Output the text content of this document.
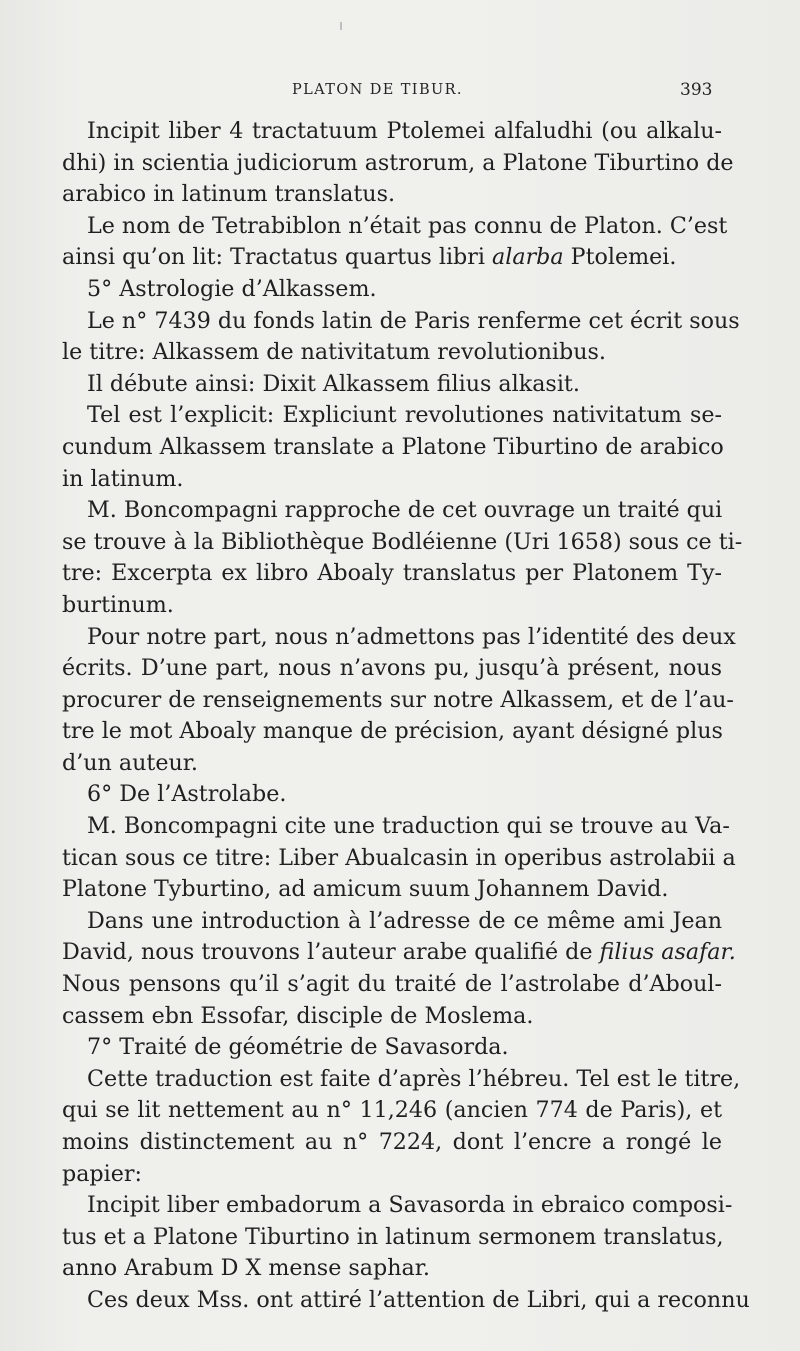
PLATON DE TIBUR.	393
Incipit liber 4 tractatuum Ptolemei alfaludhi (ou alkalu-
dhi) in scientia judiciorum astrorum, a Platone Tiburtino de
arabico in latinum translatus.
Le nom de Tetrabiblon n’était pas connu de Platon. C’est
ainsi qu’on lit: Tractatus quartus libri alarba Ptolemei.
5° Astrologie d’Alkassem.
Le n° 7439 du fonds latin de Paris renferme cet écrit sous
le titre: Alkassem de nativitatum revolutionibus.
Il débute ainsi: Dixit Alkassem filius alkasit.
Tel est l’explicit: Expliciunt revolutiones nativitatum se-
cundum Alkassem translate a Platone Tiburtino de arabico
in latinum.
M. Boncompagni rapproche de cet ouvrage un traité qui
se trouve à la Bibliothèque Bodléienne (Uri 1658) sous ce ti-
tre: Excerpta ex libro Aboaly translatus per Platonem Ty-
burtinum.
Pour notre part, nous n’admettons pas l’identité des deux
écrits. D’une part, nous n’avons pu, jusqu’à présent, nous
procurer de renseignements sur notre Alkassem, et de l’au-
tre le mot Aboaly manque de précision, ayant désigné plus
d’un auteur.
6° De l’Astrolabe.
M. Boncompagni cite une traduction qui se trouve au Va-
tican sous ce titre: Liber Abualcasin in operibus astrolabii a
Platone Tyburtino, ad amicum suum Johannem David.
Dans une introduction à l’adresse de ce même ami Jean
David, nous trouvons l’auteur arabe qualifié de filius asafar.
Nous pensons qu’il s’agit du traité de l’astrolabe d’Aboul-
cassem ebn Essofar, disciple de Moslema.
7° Traité de géométrie de Savasorda.
Cette traduction est faite d’après l’hébreu. Tel est le titre,
qui se lit nettement au n° 11,246 (ancien 774 de Paris), et
moins distinctement au n° 7224, dont l’encre a rongé le
papier:
Incipit liber embadorum a Savasorda in ebraico composi-
tus et a Platone Tiburtino in latinum sermonem translatus,
anno Arabum D X mense saphar.
Ces deux Mss. ont attiré l’attention de Libri, qui a reconnu
